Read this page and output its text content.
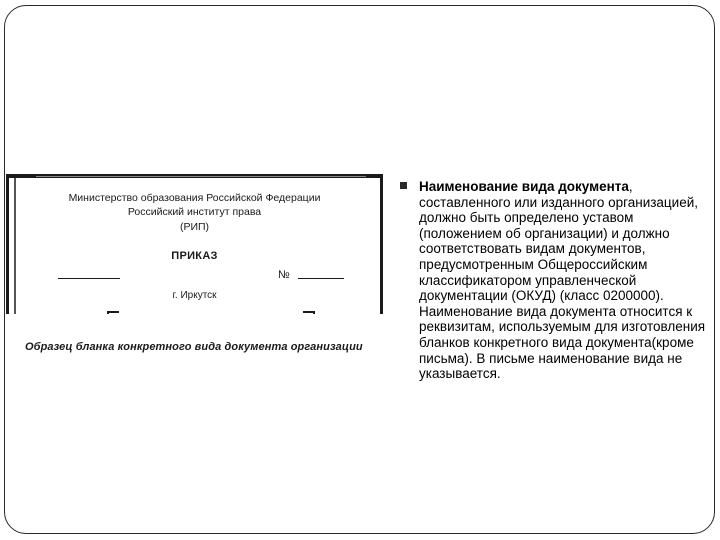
Министерство образования Российской Федерации
Российский институт права
(РИП)
ПРИКАЗ
№
г. Иркутск
Образец бланка конкретного вида документа организации
Наименование вида документа, составленного или изданного организацией, должно быть определено уставом (положением об организации) и должно соответствовать видам документов, предусмотренным Общероссийским классификатором управленческой документации (ОКУД) (класс 0200000). Наименование вида документа относится к реквизитам, используемым для изготовления бланков конкретного вида документа(кроме письма). В письме наименование вида не указывается.
